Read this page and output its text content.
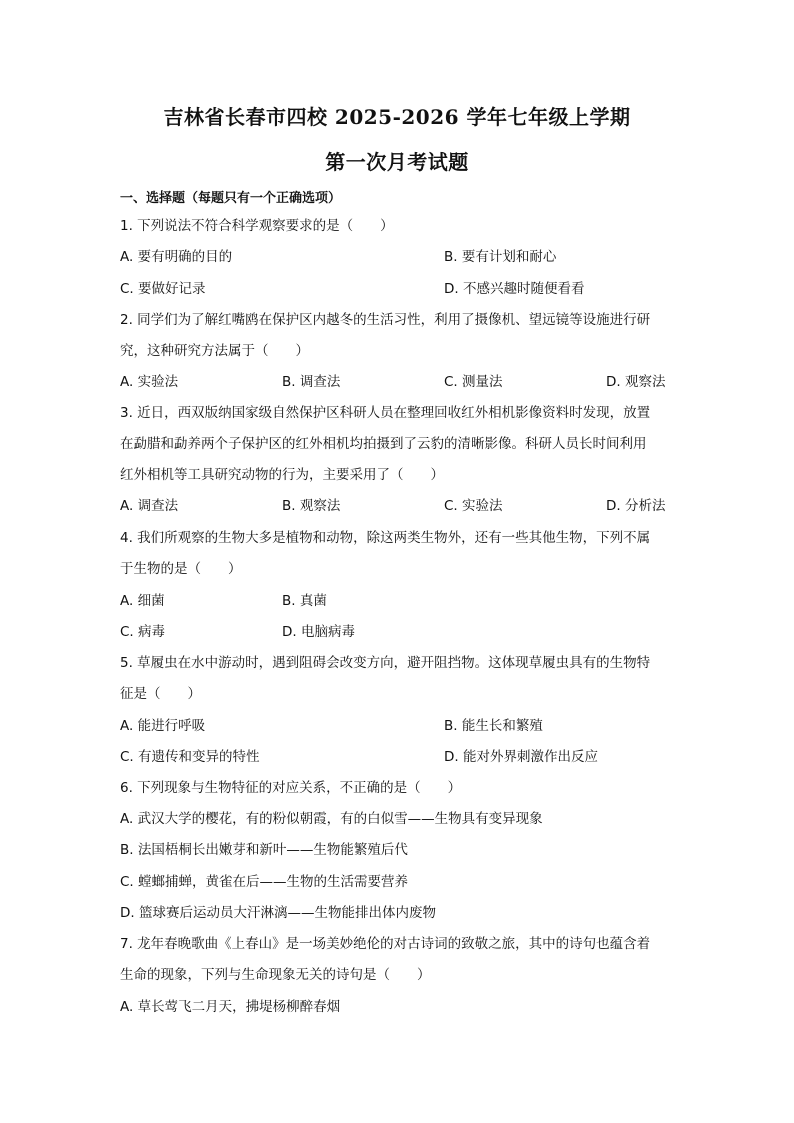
吉林省长春市四校 2025-2026 学年七年级上学期
第一次月考试题
一、选择题（每题只有一个正确选项）
1. 下列说法不符合科学观察要求的是（　　）
A. 要有明确的目的	B. 要有计划和耐心
C. 要做好记录	D. 不感兴趣时随便看看
2. 同学们为了解红嘴鸥在保护区内越冬的生活习性，利用了摄像机、望远镜等设施进行研
究，这种研究方法属于（　　）
A. 实验法	B. 调查法	C. 测量法	D. 观察法
3. 近日，西双版纳国家级自然保护区科研人员在整理回收红外相机影像资料时发现，放置
在勐腊和勐养两个子保护区的红外相机均拍摄到了云豹的清晰影像。科研人员长时间利用
红外相机等工具研究动物的行为，主要采用了（　　）
A. 调查法	B. 观察法	C. 实验法	D. 分析法
4. 我们所观察的生物大多是植物和动物，除这两类生物外，还有一些其他生物，下列不属
于生物的是（　　）
A. 细菌	B. 真菌
C. 病毒	D. 电脑病毒
5. 草履虫在水中游动时，遇到阻碍会改变方向，避开阻挡物。这体现草履虫具有的生物特
征是（　　）
A. 能进行呼吸	B. 能生长和繁殖
C. 有遗传和变异的特性	D. 能对外界刺激作出反应
6. 下列现象与生物特征的对应关系，不正确的是（　　）
A. 武汉大学的樱花，有的粉似朝霞，有的白似雪——生物具有变异现象
B. 法国梧桐长出嫩芽和新叶——生物能繁殖后代
C. 螳螂捕蝉，黄雀在后——生物的生活需要营养
D. 篮球赛后运动员大汗淋漓——生物能排出体内废物
7. 龙年春晚歌曲《上春山》是一场美妙绝伦的对古诗词的致敬之旅，其中的诗句也蕴含着
生命的现象，下列与生命现象无关的诗句是（　　）
A. 草长莺飞二月天，拂堤杨柳醉春烟
